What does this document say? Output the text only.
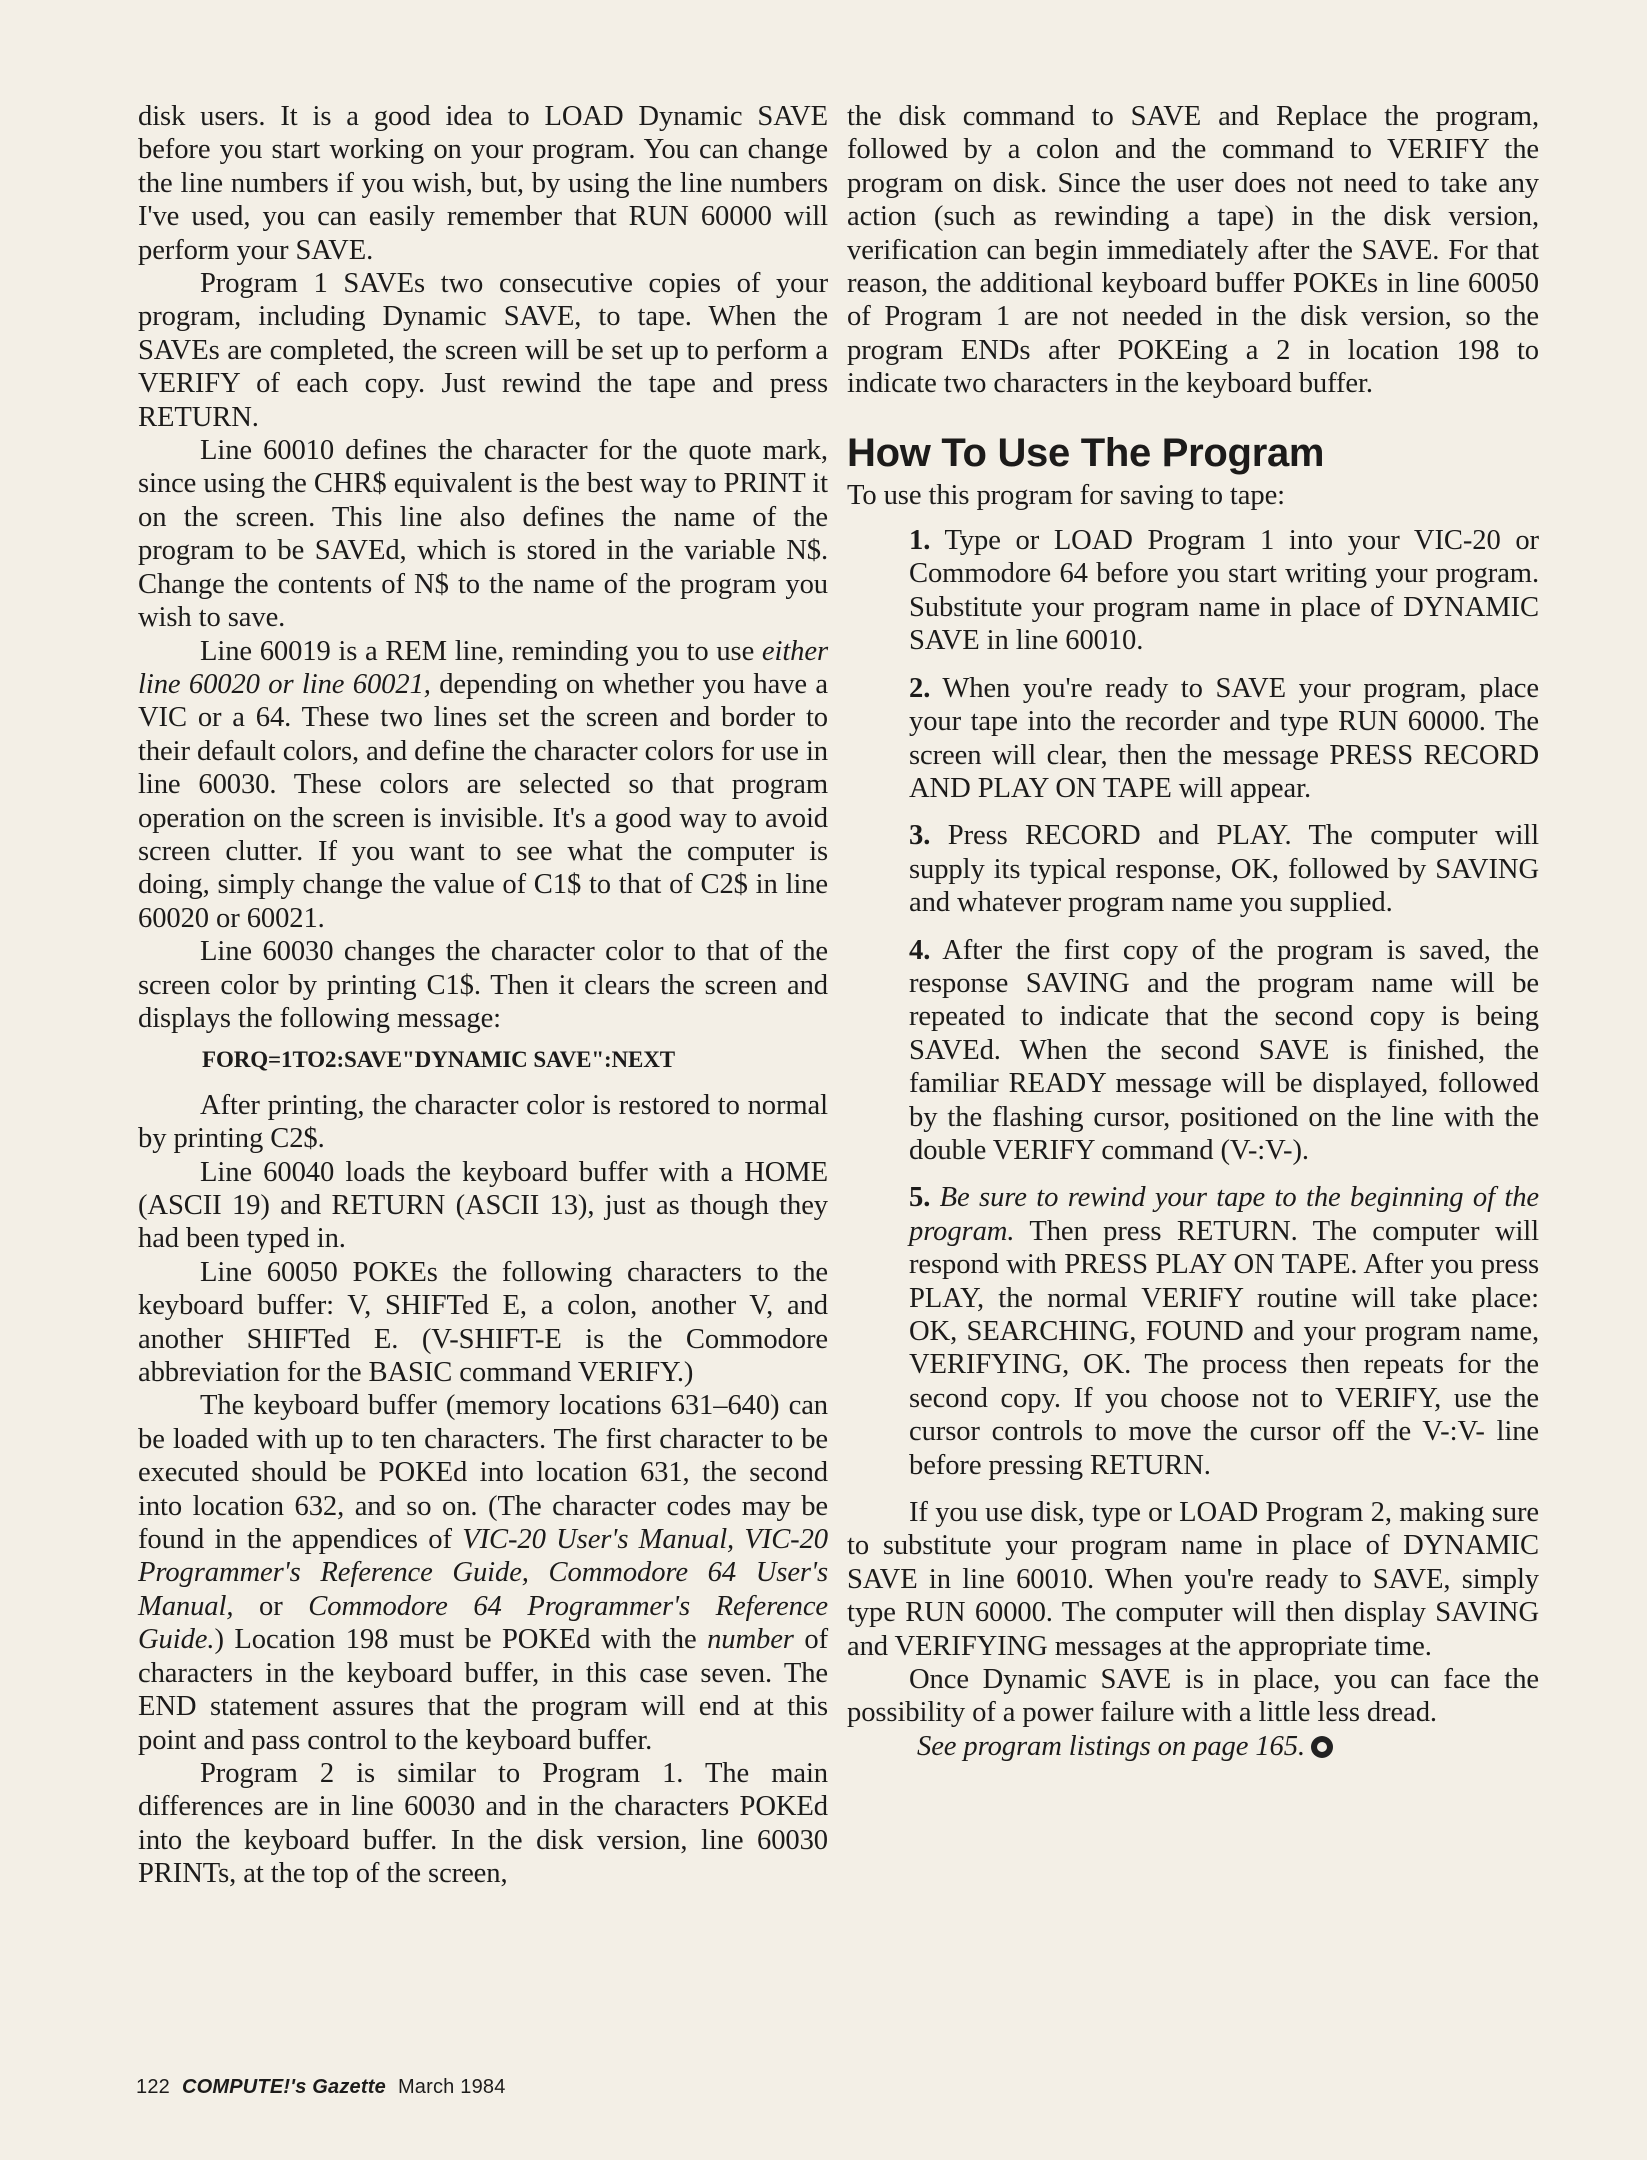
disk users. It is a good idea to LOAD Dynamic SAVE before you start working on your program. You can change the line numbers if you wish, but, by using the line numbers I've used, you can easily remember that RUN 60000 will perform your SAVE.

Program 1 SAVEs two consecutive copies of your program, including Dynamic SAVE, to tape. When the SAVEs are completed, the screen will be set up to perform a VERIFY of each copy. Just rewind the tape and press RETURN.

Line 60010 defines the character for the quote mark, since using the CHR$ equivalent is the best way to PRINT it on the screen. This line also defines the name of the program to be SAVEd, which is stored in the variable N$. Change the contents of N$ to the name of the program you wish to save.

Line 60019 is a REM line, reminding you to use either line 60020 or line 60021, depending on whether you have a VIC or a 64. These two lines set the screen and border to their default colors, and define the character colors for use in line 60030. These colors are selected so that program operation on the screen is invisible. It's a good way to avoid screen clutter. If you want to see what the computer is doing, simply change the value of C1$ to that of C2$ in line 60020 or 60021.

Line 60030 changes the character color to that of the screen color by printing C1$. Then it clears the screen and displays the following message:

FORQ=1TO2:SAVE"DYNAMIC SAVE":NEXT

After printing, the character color is restored to normal by printing C2$.

Line 60040 loads the keyboard buffer with a HOME (ASCII 19) and RETURN (ASCII 13), just as though they had been typed in.

Line 60050 POKEs the following characters to the keyboard buffer: V, SHIFTed E, a colon, another V, and another SHIFTed E. (V-SHIFT-E is the Commodore abbreviation for the BASIC command VERIFY.)

The keyboard buffer (memory locations 631–640) can be loaded with up to ten characters. The first character to be executed should be POKEd into location 631, the second into location 632, and so on. (The character codes may be found in the appendices of VIC-20 User's Manual, VIC-20 Programmer's Reference Guide, Commodore 64 User's Manual, or Commodore 64 Programmer's Reference Guide.) Location 198 must be POKEd with the number of characters in the keyboard buffer, in this case seven. The END statement assures that the program will end at this point and pass control to the keyboard buffer.

Program 2 is similar to Program 1. The main differences are in line 60030 and in the characters POKEd into the keyboard buffer. In the disk version, line 60030 PRINTs, at the top of the screen,

the disk command to SAVE and Replace the program, followed by a colon and the command to VERIFY the program on disk. Since the user does not need to take any action (such as rewinding a tape) in the disk version, verification can begin immediately after the SAVE. For that reason, the additional keyboard buffer POKEs in line 60050 of Program 1 are not needed in the disk version, so the program ENDs after POKEing a 2 in location 198 to indicate two characters in the keyboard buffer.

How To Use The Program

To use this program for saving to tape:

1. Type or LOAD Program 1 into your VIC-20 or Commodore 64 before you start writing your program. Substitute your program name in place of DYNAMIC SAVE in line 60010.

2. When you're ready to SAVE your program, place your tape into the recorder and type RUN 60000. The screen will clear, then the message PRESS RECORD AND PLAY ON TAPE will appear.

3. Press RECORD and PLAY. The computer will supply its typical response, OK, followed by SAVING and whatever program name you supplied.

4. After the first copy of the program is saved, the response SAVING and the program name will be repeated to indicate that the second copy is being SAVEd. When the second SAVE is finished, the familiar READY message will be displayed, followed by the flashing cursor, positioned on the line with the double VERIFY command (V-:V-).

5. Be sure to rewind your tape to the beginning of the program. Then press RETURN. The computer will respond with PRESS PLAY ON TAPE. After you press PLAY, the normal VERIFY routine will take place: OK, SEARCHING, FOUND and your program name, VERIFYING, OK. The process then repeats for the second copy. If you choose not to VERIFY, use the cursor controls to move the cursor off the V-:V- line before pressing RETURN.

If you use disk, type or LOAD Program 2, making sure to substitute your program name in place of DYNAMIC SAVE in line 60010. When you're ready to SAVE, simply type RUN 60000. The computer will then display SAVING and VERIFYING messages at the appropriate time.

Once Dynamic SAVE is in place, you can face the possibility of a power failure with a little less dread.

See program listings on page 165.

122 COMPUTE!'s Gazette March 1984
